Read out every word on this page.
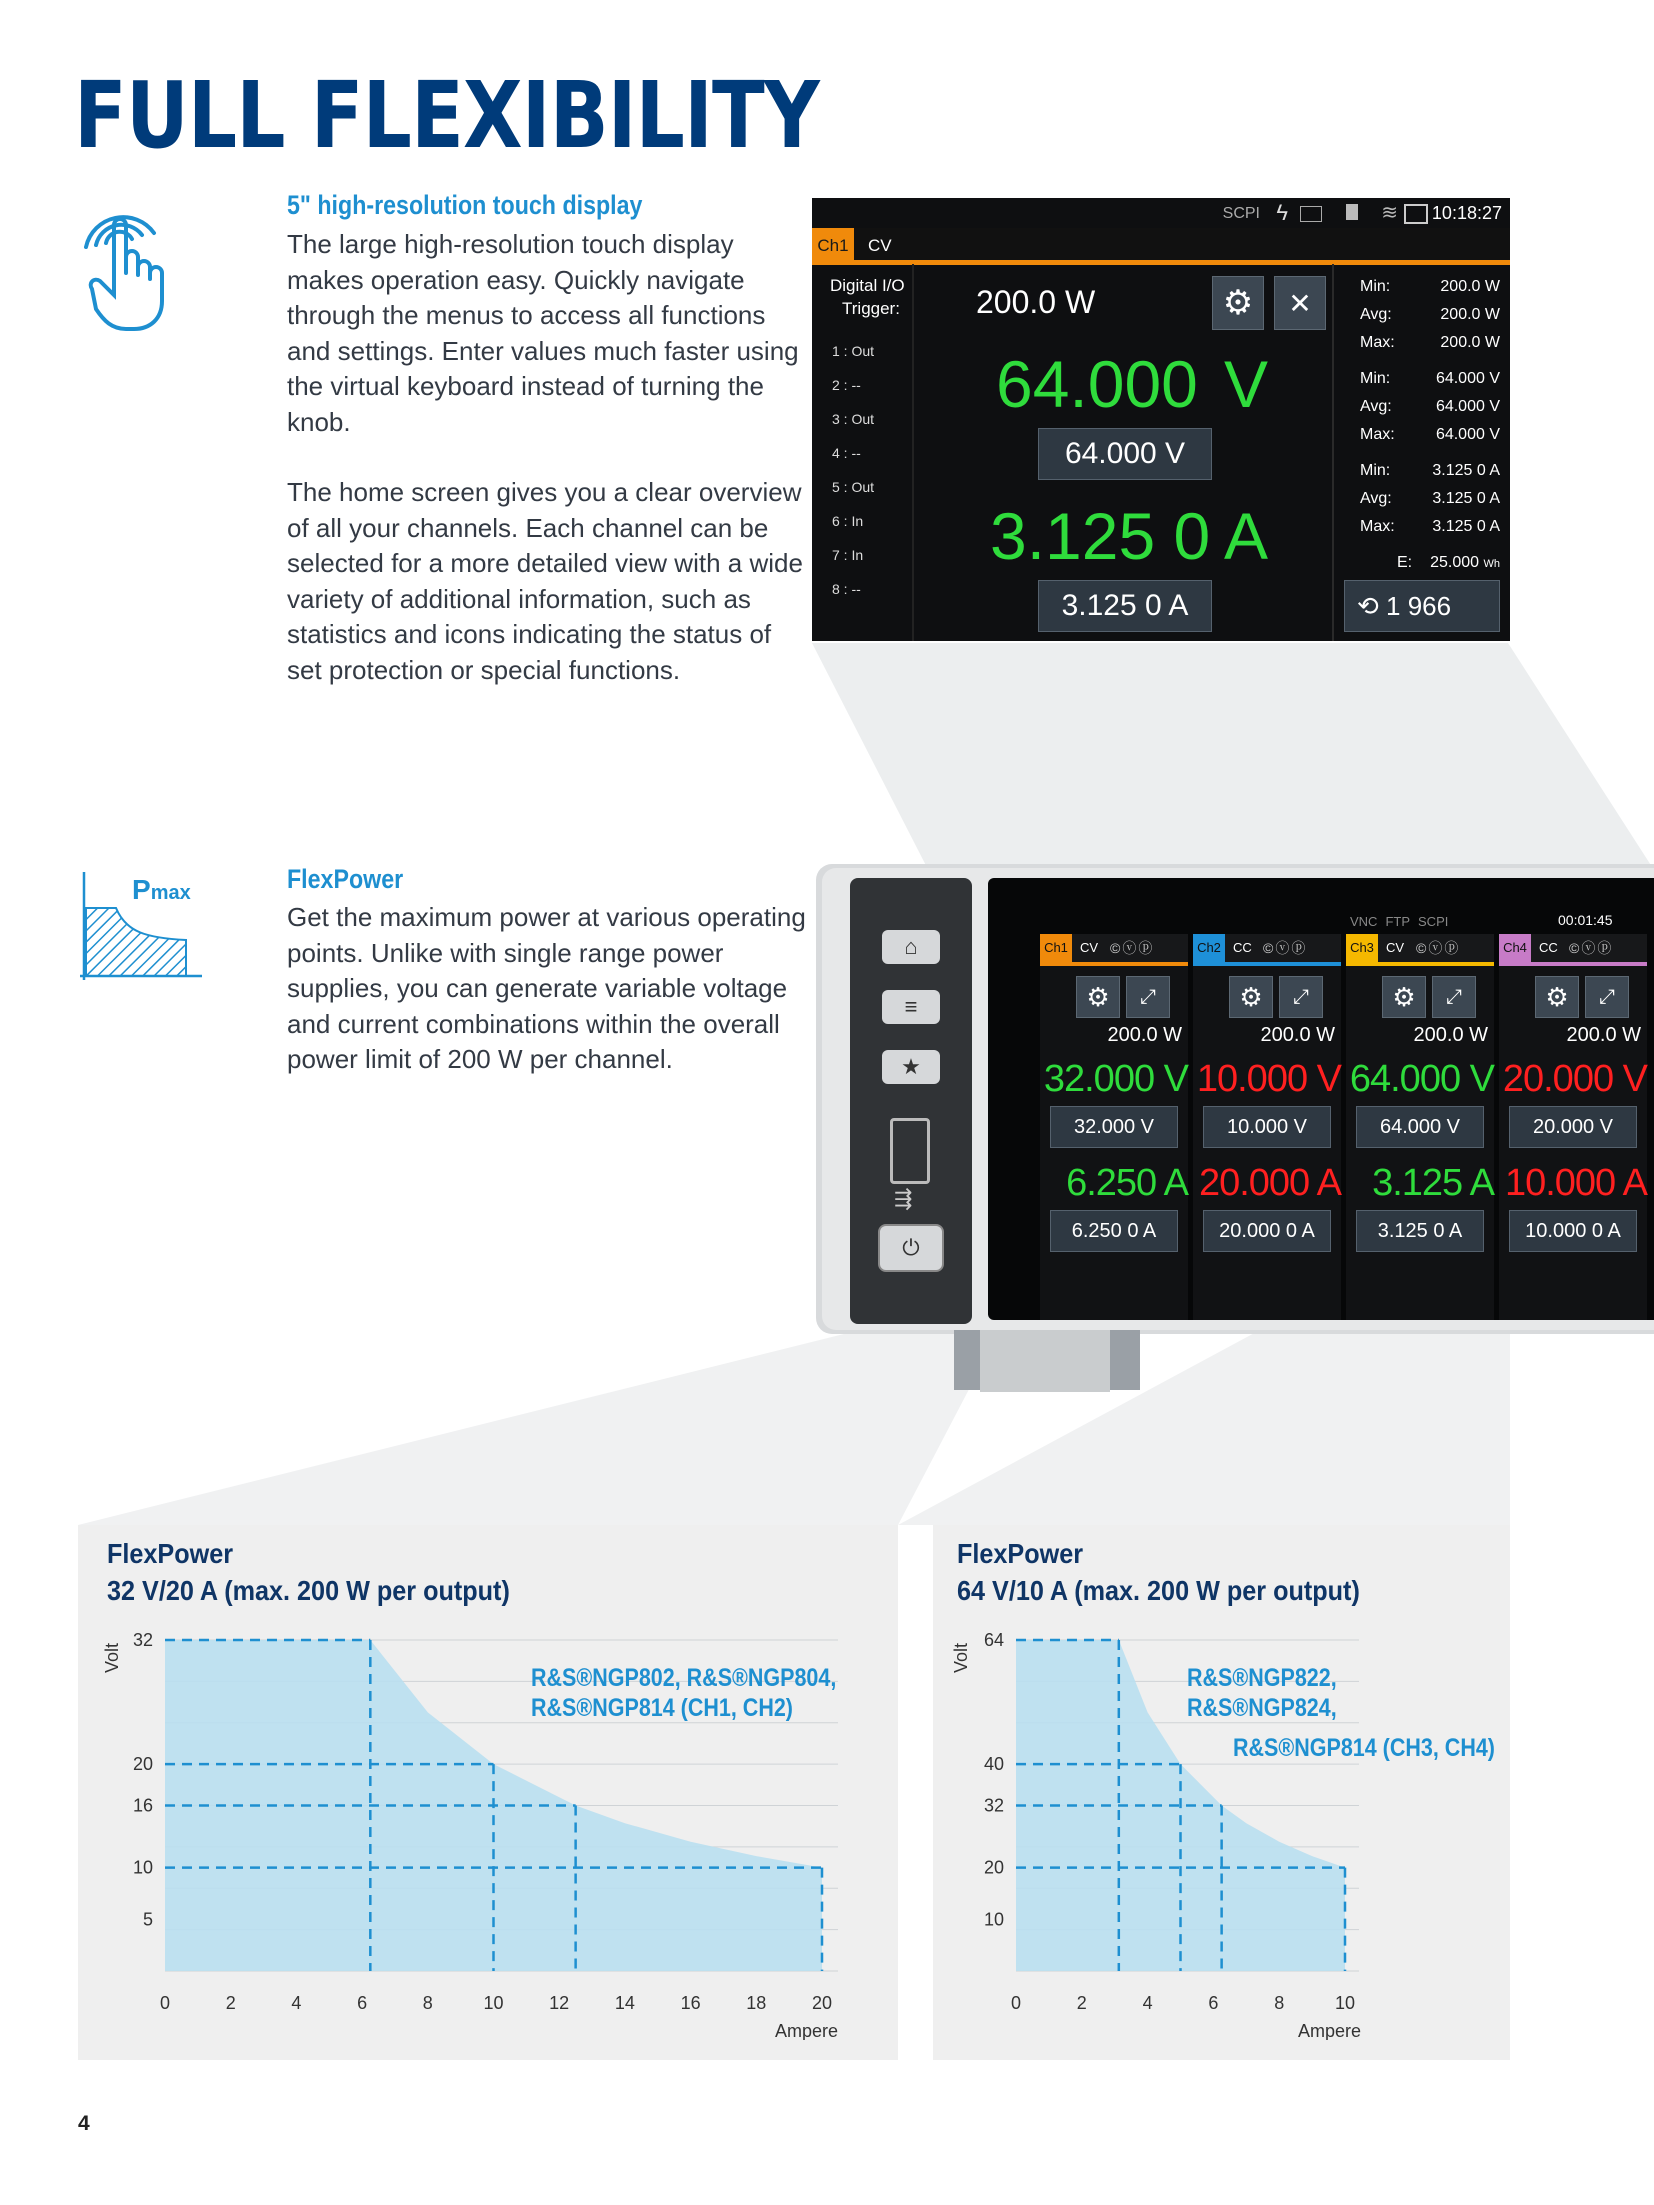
FULL FLEXIBILITY
5" high-resolution touch display
The large high-resolution touch display makes operation easy. Quickly navigate through the menus to access all functions and settings. Enter values much faster using the virtual keyboard instead of turning the knob.
The home screen gives you a clear overview of all your channels. Each channel can be selected for a more detailed view with a wide variety of additional information, such as statistics and icons indicating the status of set protection or special functions.
Pmax	FlexPower
Get the maximum power at various operating points. Unlike with single range power supplies, you can generate variable voltage and current combinations within the overall power limit of 200 W per channel.
SCPI ϟ	≋ 10:18:27
Ch1	CV
Digital I/O
Trigger:
1 : Out
2 : --
3 : Out
4 : --
5 : Out
6 : In
7 : In
8 : --
200.0 W	⚙	✕
64.000 V
64.000 V
3.125 0 A
3.125 0 A
Min:	200.0 W
Avg:	200.0 W
Max:	200.0 W
Min:	64.000 V
Avg:	64.000 V
Max:	64.000 V
Min:	3.125 0 A
Avg:	3.125 0 A
Max: 3.125 0 A
E: 25.000 Wh
⟲ 1 966
⌂
≡
★
⇶
⏻
VNC FTP SCPI	00:01:45
Ch1 CV ©ⓥⓟ
⚙	⤢
200.0 W
32.000 V
32.000 V
6.250 A
6.250 0 A
Ch2 CC ©ⓥⓟ
⚙	⤢
200.0 W
10.000 V
10.000 V
20.000 A
20.000 0 A
Ch3 CV ©ⓥⓟ
⚙	⤢
200.0 W
64.000 V
64.000 V
3.125 A
3.125 0 A
Ch4 CC ©ⓥⓟ
⚙	⤢
200.0 W
20.000 V
20.000 V
10.000 A
10.000 0 A
FlexPower
32 V/20 A (max. 200 W per output)
0	2	4	6	8	10	12	14	16	18	20
32
20
16
10
5
Ampere
Volt
R&S®NGP802, R&S®NGP804,
R&S®NGP814 (CH1, CH2)
FlexPower
64 V/10 A (max. 200 W per output)
0	2	4	6	8	10
64
40
32
20
10
Ampere
Volt
R&S®NGP822,
R&S®NGP824,
R&S®NGP814 (CH3, CH4)
4
